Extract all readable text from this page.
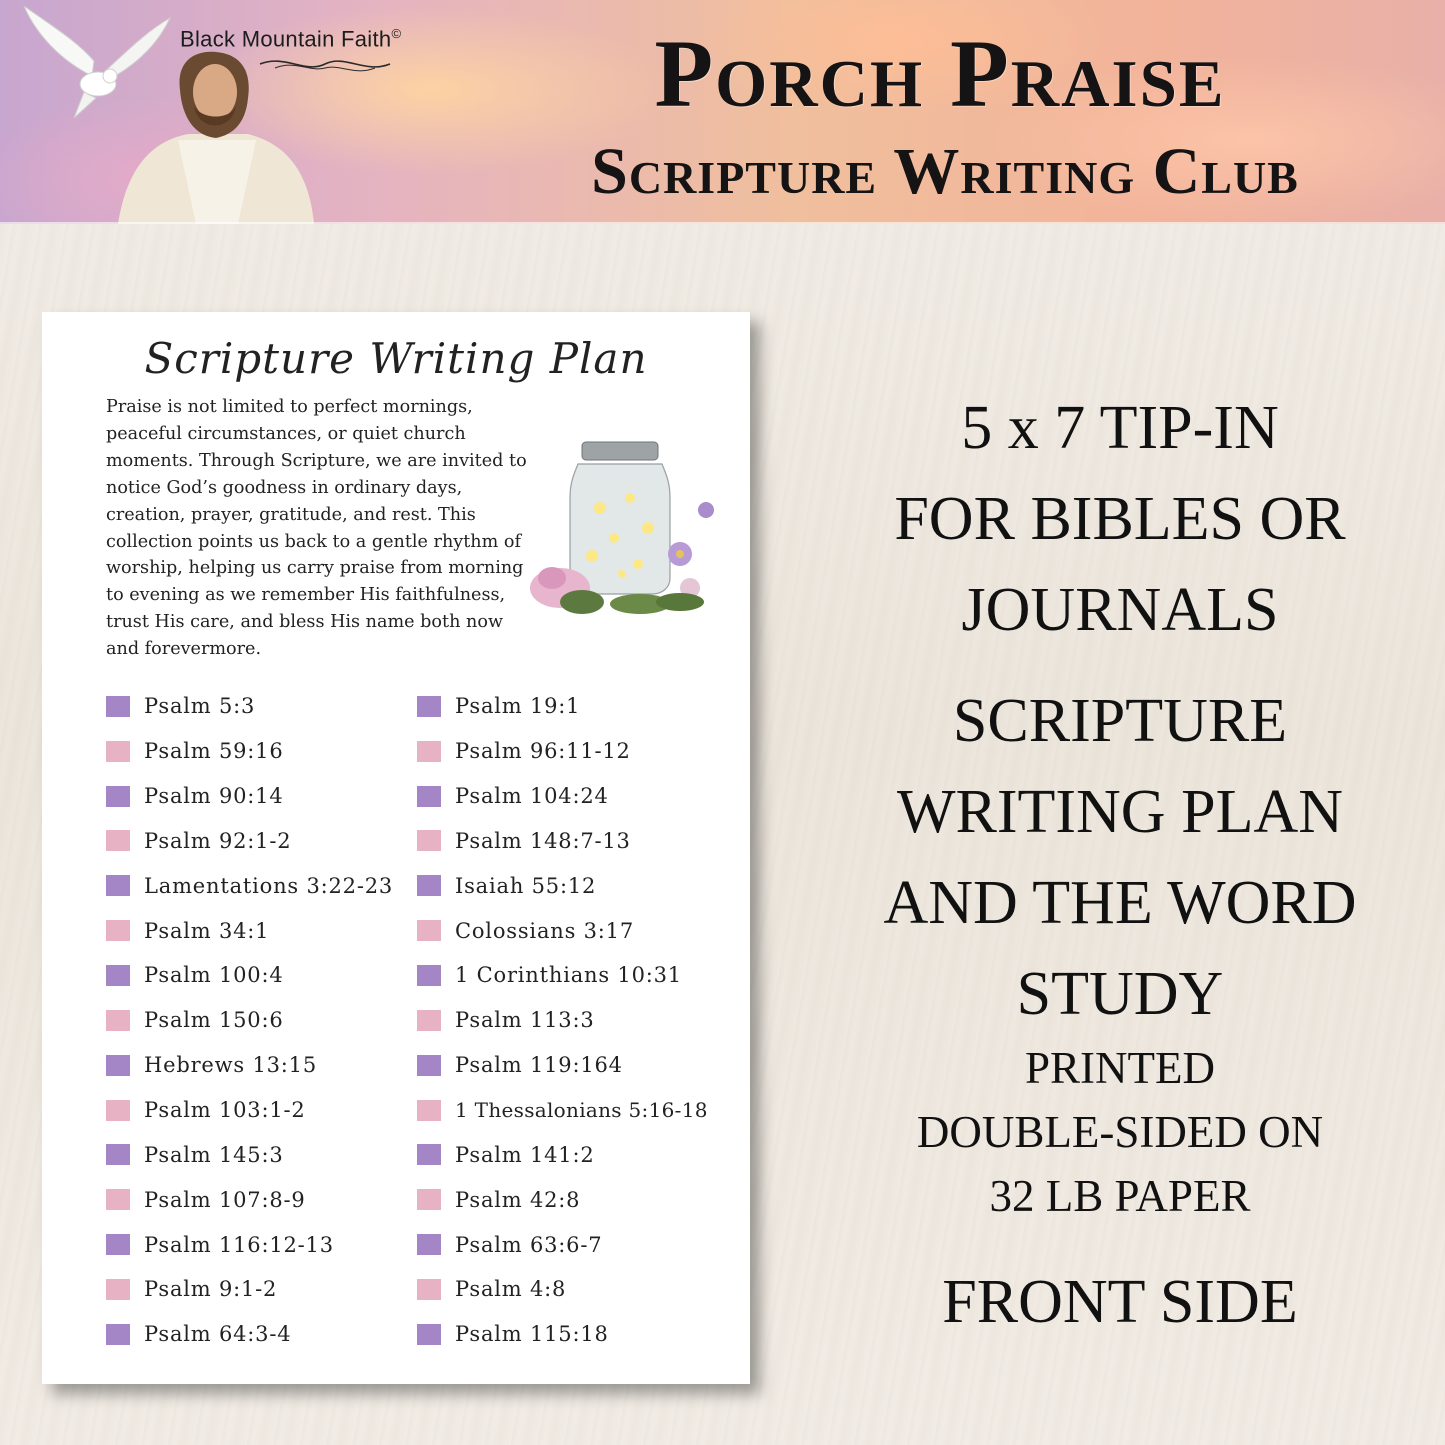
Black Mountain Faith©	Porch Praise
Scripture Writing Club
Scripture Writing Plan
Praise is not limited to perfect mornings,
peaceful circumstances, or quiet church
moments. Through Scripture, we are invited to
notice God’s goodness in ordinary days,
creation, prayer, gratitude, and rest. This
collection points us back to a gentle rhythm of
worship, helping us carry praise from morning
to evening as we remember His faithfulness,
trust His care, and bless His name both now
and forevermore.
Psalm 5:3
Psalm 59:16
Psalm 90:14
Psalm 92:1-2
Lamentations 3:22-23
Psalm 34:1
Psalm 100:4
Psalm 150:6
Hebrews 13:15
Psalm 103:1-2
Psalm 145:3
Psalm 107:8-9
Psalm 116:12-13
Psalm 9:1-2
Psalm 64:3-4
Psalm 19:1
Psalm 96:11-12
Psalm 104:24
Psalm 148:7-13
Isaiah 55:12
Colossians 3:17
1 Corinthians 10:31
Psalm 113:3
Psalm 119:164
1 Thessalonians 5:16-18
Psalm 141:2
Psalm 42:8
Psalm 63:6-7
Psalm 4:8
Psalm 115:18
5 x 7 TIP-IN
FOR BIBLES OR
JOURNALS
SCRIPTURE
WRITING PLAN
AND THE WORD
STUDY
PRINTED
DOUBLE-SIDED ON
32 LB PAPER
FRONT SIDE
